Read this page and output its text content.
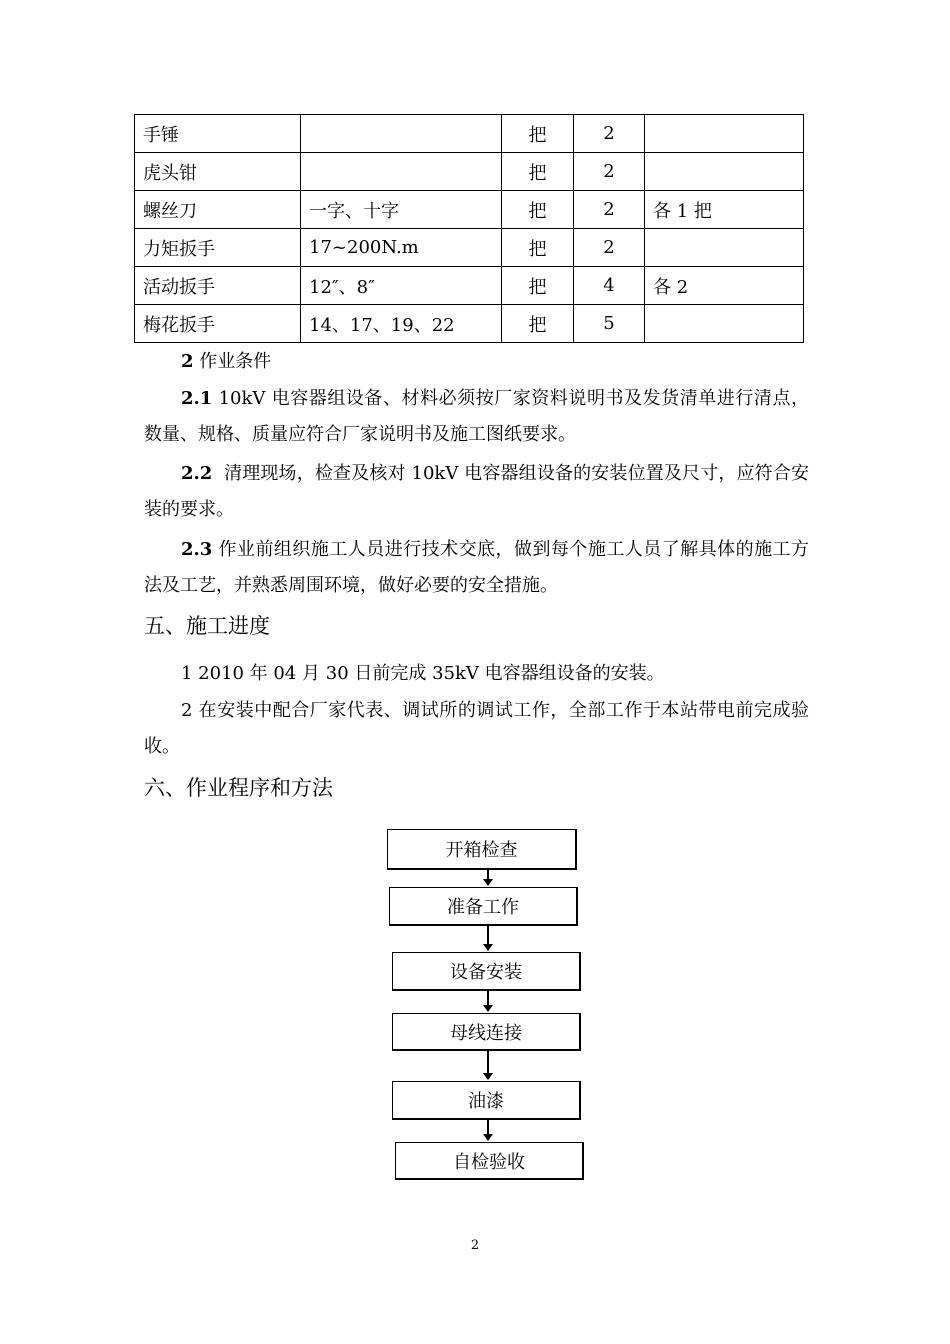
手锤		把	2	
虎头钳		把	2	
螺丝刀	一字、十字	把	2	各 1 把
力矩扳手	17~200N.m	把	2	
活动扳手	12″、8″	把	4	各 2
梅花扳手	14、17、19、22	把	5	

2 作业条件

2.1 10kV 电容器组设备、材料必须按厂家资料说明书及发货清单进行清点，数量、规格、质量应符合厂家说明书及施工图纸要求。

2.2 清理现场，检查及核对 10kV 电容器组设备的安装位置及尺寸，应符合安装的要求。

2.3 作业前组织施工人员进行技术交底，做到每个施工人员了解具体的施工方法及工艺，并熟悉周围环境，做好必要的安全措施。

五、施工进度

1 2010 年 04 月 30 日前完成 35kV 电容器组设备的安装。

2 在安装中配合厂家代表、调试所的调试工作，全部工作于本站带电前完成验收。

六、作业程序和方法
开箱检查
准备工作
设备安装
母线连接
油漆
自检验收
2
